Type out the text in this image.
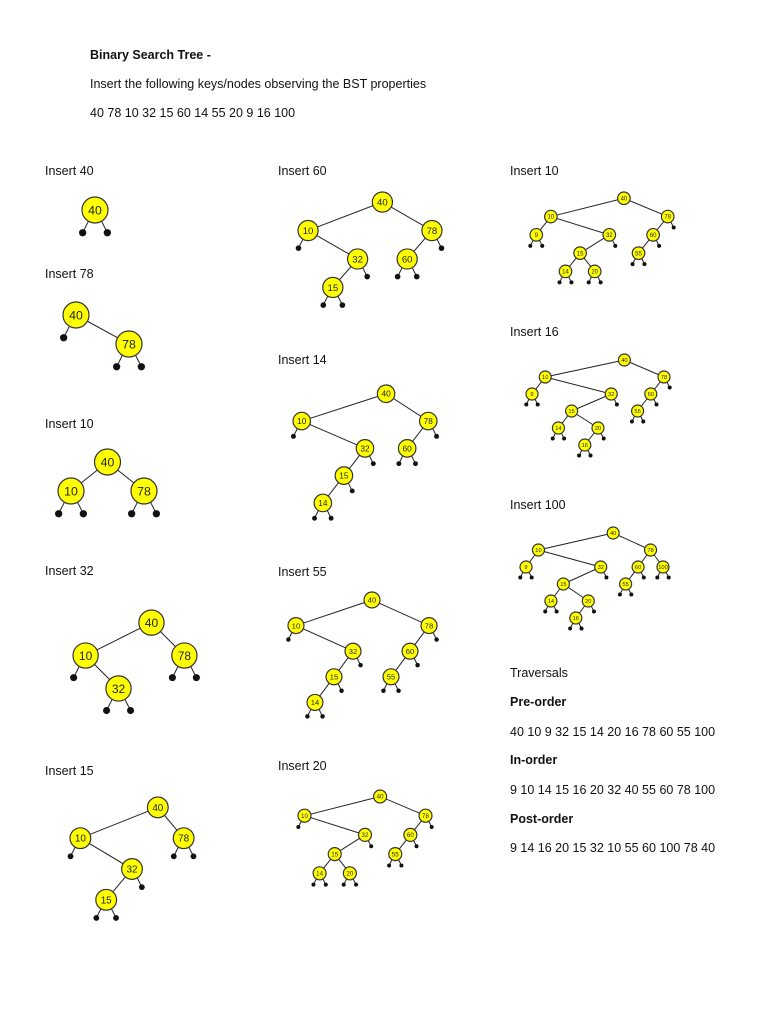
Binary Search Tree -
Insert the following keys/nodes observing the BST properties
40 78 10 32 15 60 14 55 20 9 16 100
Insert 40
40
Insert 78
40
78
Insert 10
10
40
78
Insert 32
10
32
40
78
Insert 15
10
15
32
40
78
Insert 60
10
15
32
40
60
78
Insert 14
10
14
15
32
40
60
78
Insert 55
10
14
15
32
40
55
60
78
Insert 20
10
14
15
20
32
40
55
60
78
Insert 10
9
10
14
15
20
32
40
55
60
78
Insert 16
9
10
14
15
16
20
32
40
55
60
78
Insert 100
9
10
14
15
16
20
32
40
55
60
78
100
Traversals
Pre-order
40 10 9 32 15 14 20 16 78 60 55 100
In-order
9 10 14 15 16 20 32 40 55 60 78 100
Post-order
9 14 16 20 15 32 10 55 60 100 78 40
